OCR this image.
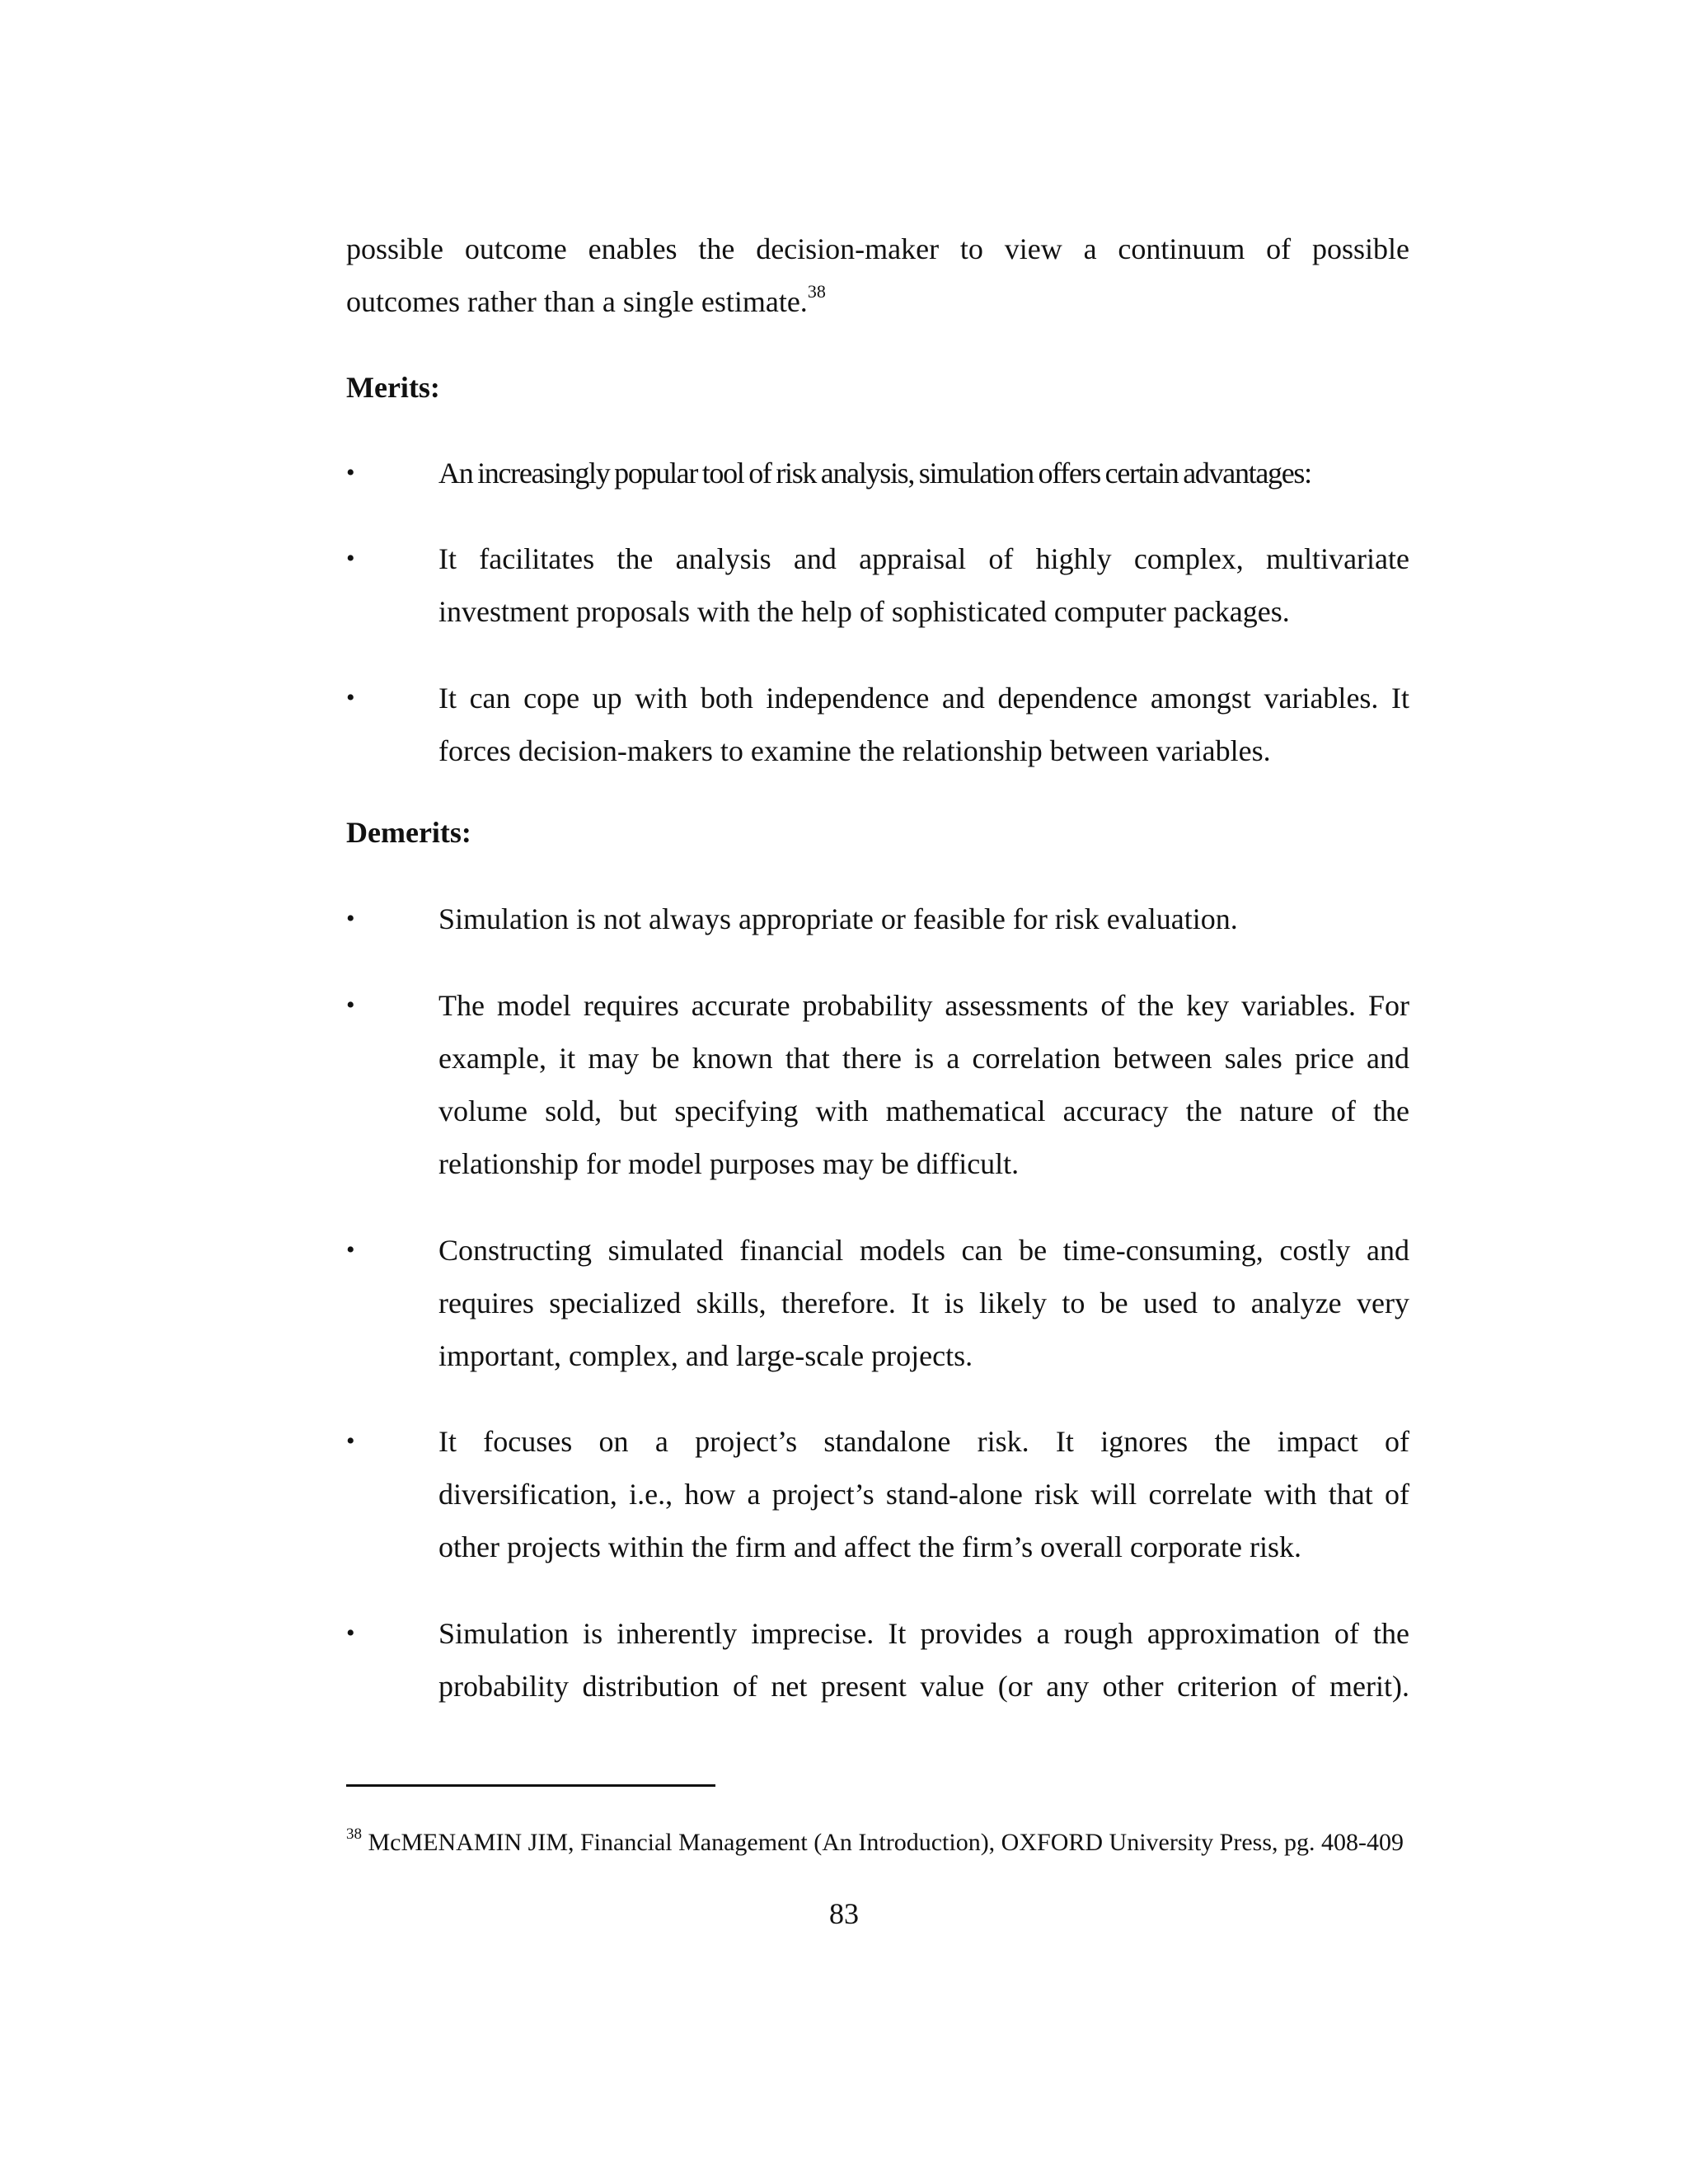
possible outcome enables the decision-maker to view a continuum of possible
outcomes rather than a single estimate.$^{38}$
Merits:
•	An increasingly popular tool of risk analysis, simulation offers certain advantages:
•	It facilitates the analysis and appraisal of highly complex, multivariate
investment proposals with the help of sophisticated computer packages.
•	It can cope up with both independence and dependence amongst variables. It
forces decision-makers to examine the relationship between variables.
Demerits:
•	Simulation is not always appropriate or feasible for risk evaluation.
•	The model requires accurate probability assessments of the key variables. For
example, it may be known that there is a correlation between sales price and
volume sold, but specifying with mathematical accuracy the nature of the
relationship for model purposes may be difficult.
•	Constructing simulated financial models can be time-consuming, costly and
requires specialized skills, therefore. It is likely to be used to analyze very
important, complex, and large-scale projects.
•	It focuses on a project’s standalone risk. It ignores the impact of
diversification, i.e., how a project’s stand-alone risk will correlate with that of
other projects within the firm and affect the firm’s overall corporate risk.
•	Simulation is inherently imprecise. It provides a rough approximation of the
probability distribution of net present value (or any other criterion of merit).
$^{38}$ McMENAMIN JIM, Financial Management (An Introduction), OXFORD University Press, pg. 408-409
83
